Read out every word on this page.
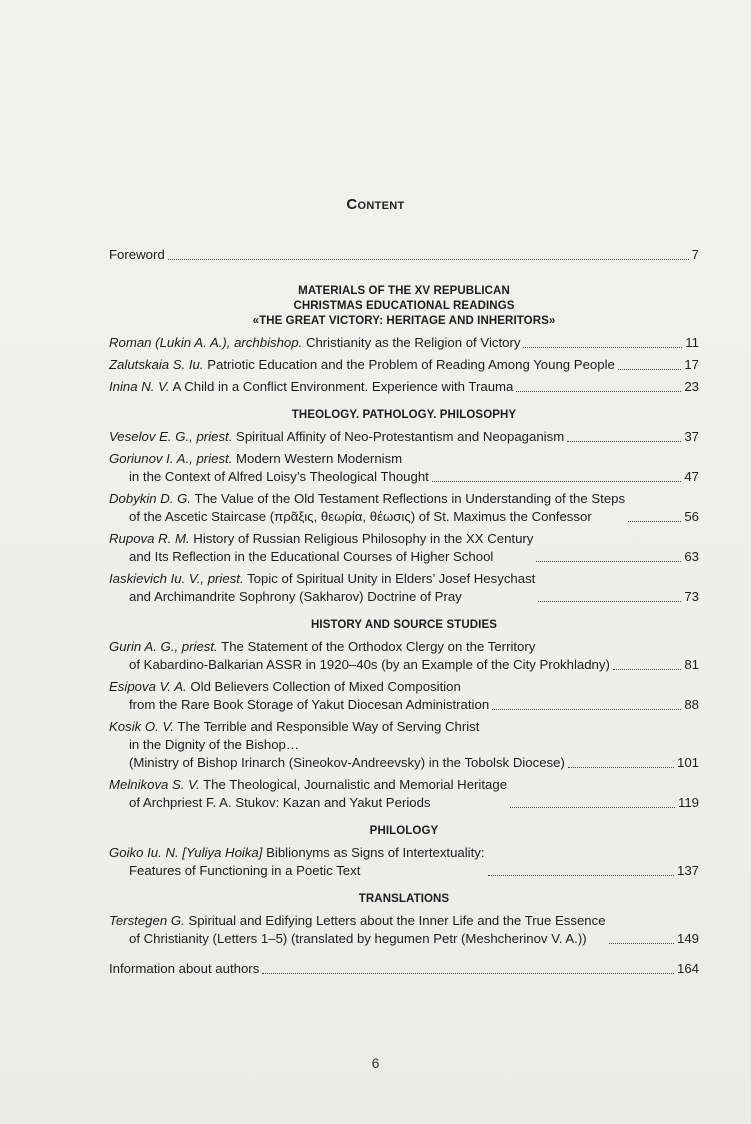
Content
Foreword	7
MATERIALS OF THE XV REPUBLICAN
CHRISTMAS EDUCATIONAL READINGS
«THE GREAT VICTORY: HERITAGE AND INHERITORS»
Roman (Lukin A. A.), archbishop. Christianity as the Religion of Victory	11
Zalutskaia S. Iu. Patriotic Education and the Problem of Reading Among Young People	17
Inina N. V. A Child in a Conflict Environment. Experience with Trauma	23
THEOLOGY. PATHOLOGY. PHILOSOPHY
Veselov E. G., priest. Spiritual Affinity of Neo-Protestantism and Neopaganism	37
Goriunov I. A., priest. Modern Western Modernism
in the Context of Alfred Loisy’s Theological Thought	47
Dobykin D. G. The Value of the Old Testament Reflections in Understanding of the Steps
of the Ascetic Staircase (πρᾶξις, θεωρία, θέωσις) of St. Maximus the Confessor	56
Rupova R. M. History of Russian Religious Philosophy in the XX Century
and Its Reflection in the Educational Courses of Higher School	63
Iaskievich Iu. V., priest. Topic of Spiritual Unity in Elders’ Josef Hesychast
and Archimandrite Sophrony (Sakharov) Doctrine of Pray	73
HISTORY AND SOURCE STUDIES
Gurin A. G., priest. The Statement of the Orthodox Clergy on the Territory
of Kabardino-Balkarian ASSR in 1920–40s (by an Example of the City Prokhladny)	81
Esipova V. A. Old Believers Collection of Mixed Composition
from the Rare Book Storage of Yakut Diocesan Administration	88
Kosik O. V. The Terrible and Responsible Way of Serving Christ
in the Dignity of the Bishop…
(Ministry of Bishop Irinarch (Sineokov-Andreevsky) in the Tobolsk Diocese)	101
Melnikova S. V. The Theological, Journalistic and Memorial Heritage
of Archpriest F. A. Stukov: Kazan and Yakut Periods	119
PHILOLOGY
Goiko Iu. N. [Yuliya Hoika] Biblionyms as Signs of Intertextuality:
Features of Functioning in a Poetic Text	137
TRANSLATIONS
Terstegen G. Spiritual and Edifying Letters about the Inner Life and the True Essence
of Christianity (Letters 1–5) (translated by hegumen Petr (Meshcherinov V. A.))	149
Information about authors	164
6
